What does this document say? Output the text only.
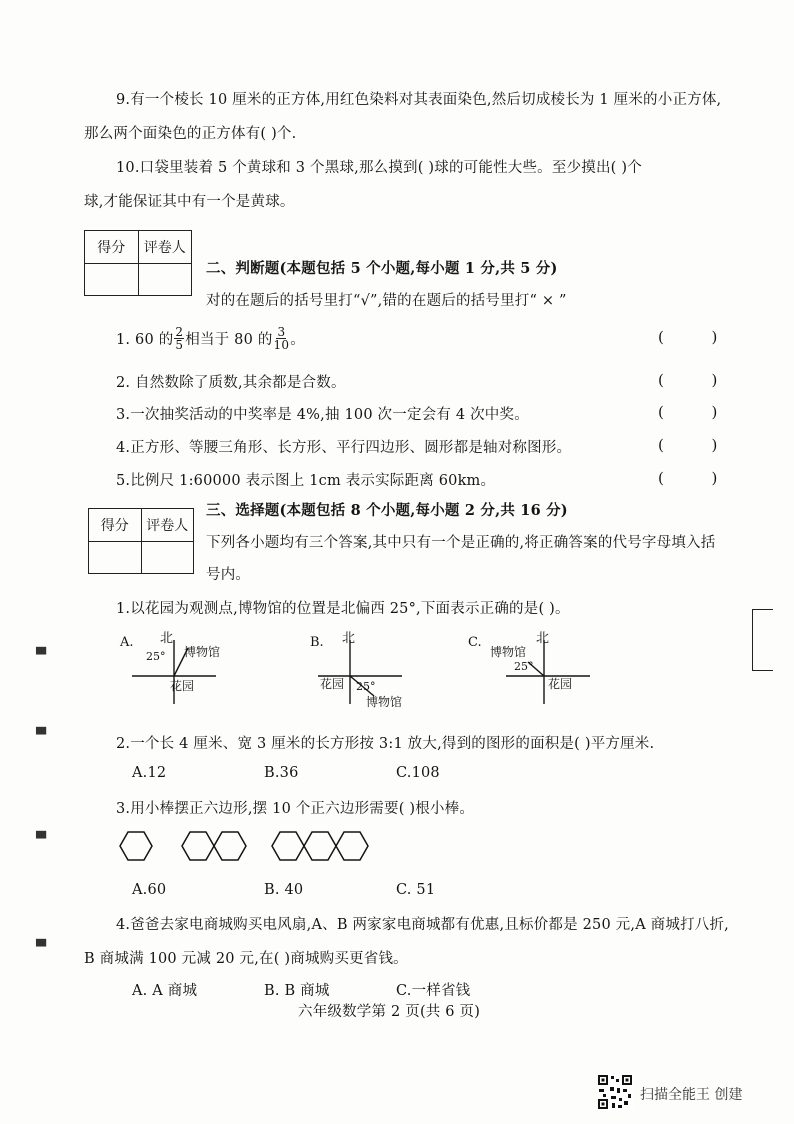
9.有一个棱长 10 厘米的正方体,用红色染料对其表面染色,然后切成棱长为 1 厘米的小正方体,
那么两个面染色的正方体有( )个.
10.口袋里装着 5 个黄球和 3 个黑球,那么摸到( )球的可能性大些。至少摸出( )个
球,才能保证其中有一个是黄球。
得分	评卷人
二、判断题(本题包括 5 个小题,每小题 1 分,共 5 分)
对的在题后的括号里打“√”,错的在题后的括号里打“ × ”
1. 60 的 $\frac{2}{5}$ 相当于 80 的 $\frac{3}{10}$ 。	(          )
2. 自然数除了质数,其余都是合数。	(          )
3.一次抽奖活动的中奖率是 4%,抽 100 次一定会有 4 次中奖。	(          )
4.正方形、等腰三角形、长方形、平行四边形、圆形都是轴对称图形。	(          )
5.比例尺 1:60000 表示图上 1cm 表示实际距离 60km。	(          )
得分	评卷人
三、选择题(本题包括 8 个小题,每小题 2 分,共 16 分)
下列各小题均有三个答案,其中只有一个是正确的,将正确答案的代号字母填入括
号内。
1.以花园为观测点,博物馆的位置是北偏西 25°,下面表示正确的是( )。
A. 北
25° 博物馆
花园
B. 北
花园 25°
博物馆
C.	北
博物馆
25°
花园
2.一个长 4 厘米、宽 3 厘米的长方形按 3:1 放大,得到的图形的面积是( )平方厘米.
A.12	B.36	C.108
3.用小棒摆正六边形,摆 10 个正六边形需要( )根小棒。
A.60	B. 40	C. 51
4.爸爸去家电商城购买电风扇,A、B 两家家电商城都有优惠,且标价都是 250 元,A 商城打八折,
B 商城满 100 元减 20 元,在( )商城购买更省钱。
A. A 商城	B. B 商城	C.一样省钱
六年级数学第 2 页(共 6 页)
▀
▀
▀
▀
扫描全能王 创建
